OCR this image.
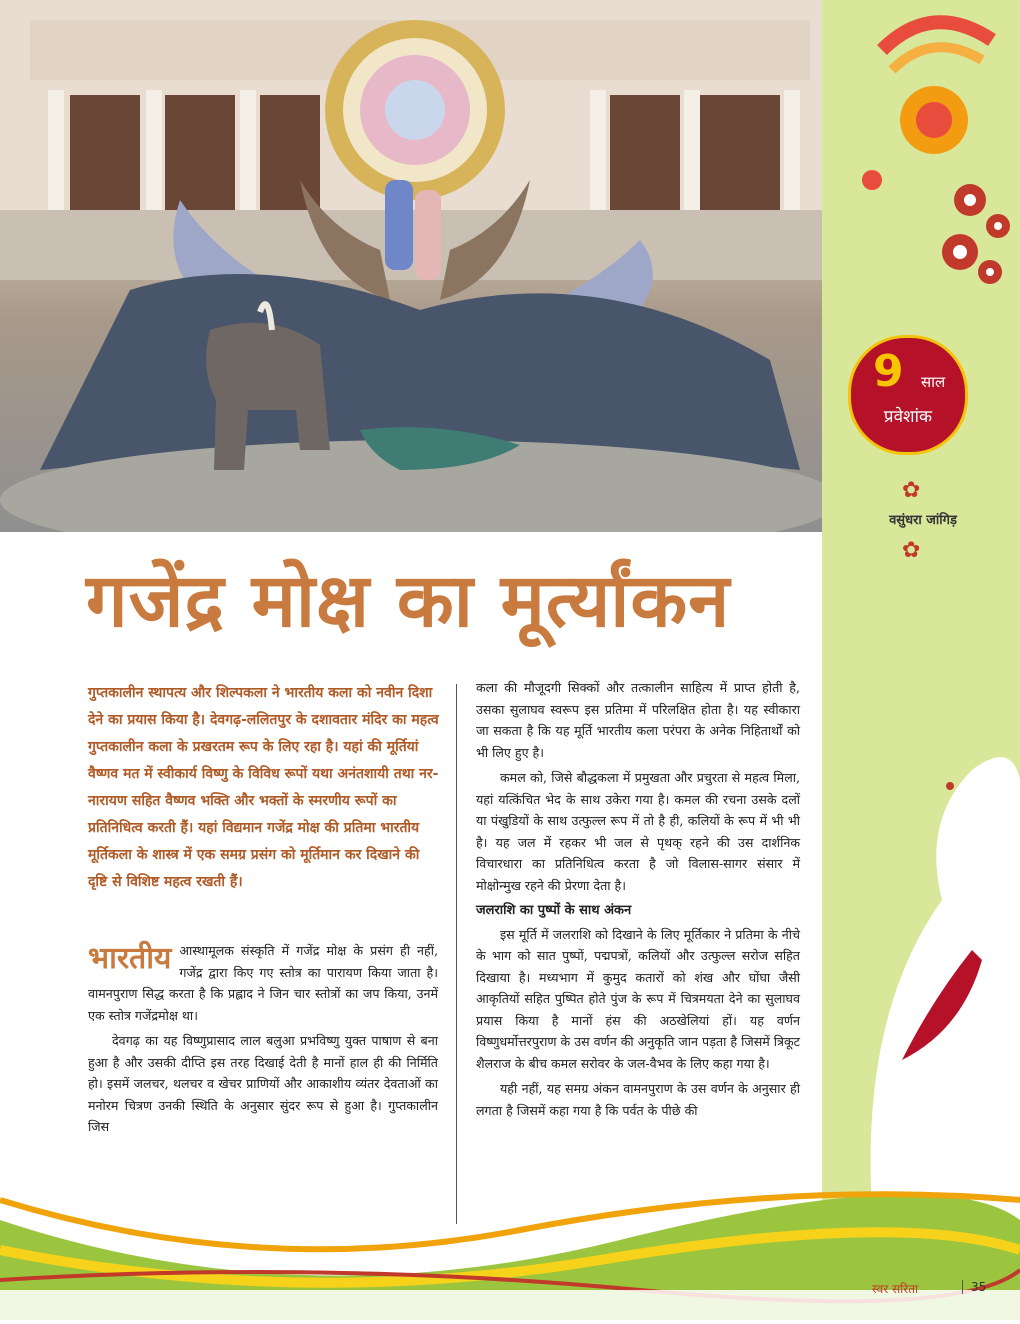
9 साल
प्रवेशांक
✿
वसुंधरा जांगिड़
✿
गजेंद्र मोक्ष का मूर्त्यांकन
गुप्तकालीन स्थापत्य और शिल्पकला ने भारतीय कला को नवीन दिशा देने का प्रयास किया है। देवगढ़-ललितपुर के दशावतार मंदिर का महत्व गुप्तकालीन कला के प्रखरतम रूप के लिए रहा है। यहां की मूर्तियां वैष्णव मत में स्वीकार्य विष्णु के विविध रूपों यथा अनंतशायी तथा नर-नारायण सहित वैष्णव भक्ति और भक्तों के स्मरणीय रूपों का प्रतिनिधित्व करती हैं। यहां विद्यमान गजेंद्र मोक्ष की प्रतिमा भारतीय मूर्तिकला के शास्त्र में एक समग्र प्रसंग को मूर्तिमान कर दिखाने की दृष्टि से विशिष्ट महत्व रखती हैं।
भारतीय आस्थामूलक संस्कृति में गजेंद्र मोक्ष के प्रसंग ही नहीं, गजेंद्र द्वारा किए गए स्तोत्र का पारायण किया जाता है। वामनपुराण सिद्ध करता है कि प्रह्लाद ने जिन चार स्तोत्रों का जप किया, उनमें एक स्तोत्र गजेंद्रमोक्ष था।

देवगढ़ का यह विष्णुप्रासाद लाल बलुआ प्रभविष्णु युक्त पाषाण से बना हुआ है और उसकी दीप्ति इस तरह दिखाई देती है मानों हाल ही की निर्मिति हो। इसमें जलचर, थलचर व खेचर प्राणियों और आकाशीय व्यंतर देवताओं का मनोरम चित्रण उनकी स्थिति के अनुसार सुंदर रूप से हुआ है। गुप्तकालीन जिस

कला की मौजूदगी सिक्कों और तत्कालीन साहित्य में प्राप्त होती है, उसका सुलाघव स्वरूप इस प्रतिमा में परिलक्षित होता है। यह स्वीकारा जा सकता है कि यह मूर्ति भारतीय कला परंपरा के अनेक निहितार्थों को भी लिए हुए है।

कमल को, जिसे बौद्धकला में प्रमुखता और प्रचुरता से महत्व मिला, यहां यत्किंचित भेद के साथ उकेरा गया है। कमल की रचना उसके दलों या पंखुडियों के साथ उत्फुल्ल रूप में तो है ही, कलियों के रूप में भी भी है। यह जल में रहकर भी जल से पृथक् रहने की उस दार्शनिक विचारधारा का प्रतिनिधित्व करता है जो विलास-सागर संसार में मोक्षोन्मुख रहने की प्रेरणा देता है।

जलराशि का पुष्पों के साथ अंकन

इस मूर्ति में जलराशि को दिखाने के लिए मूर्तिकार ने प्रतिमा के नीचे के भाग को सात पुष्पों, पद्मपत्रों, कलियों और उत्फुल्ल सरोज सहित दिखाया है। मध्यभाग में कुमुद कतारों को शंख और घोंघा जैसी आकृतियों सहित पुष्पित होते पुंज के रूप में चित्रमयता देने का सुलाघव प्रयास किया है मानों हंस की अठखेलियां हों। यह वर्णन विष्णुधर्मोत्तरपुराण के उस वर्णन की अनुकृति जान पड़ता है जिसमें त्रिकूट शैलराज के बीच कमल सरोवर के जल-वैभव के लिए कहा गया है।

यही नहीं, यह समग्र अंकन वामनपुराण के उस वर्णन के अनुसार ही लगता है जिसमें कहा गया है कि पर्वत के पीछे की

स्वर सरिता	35
